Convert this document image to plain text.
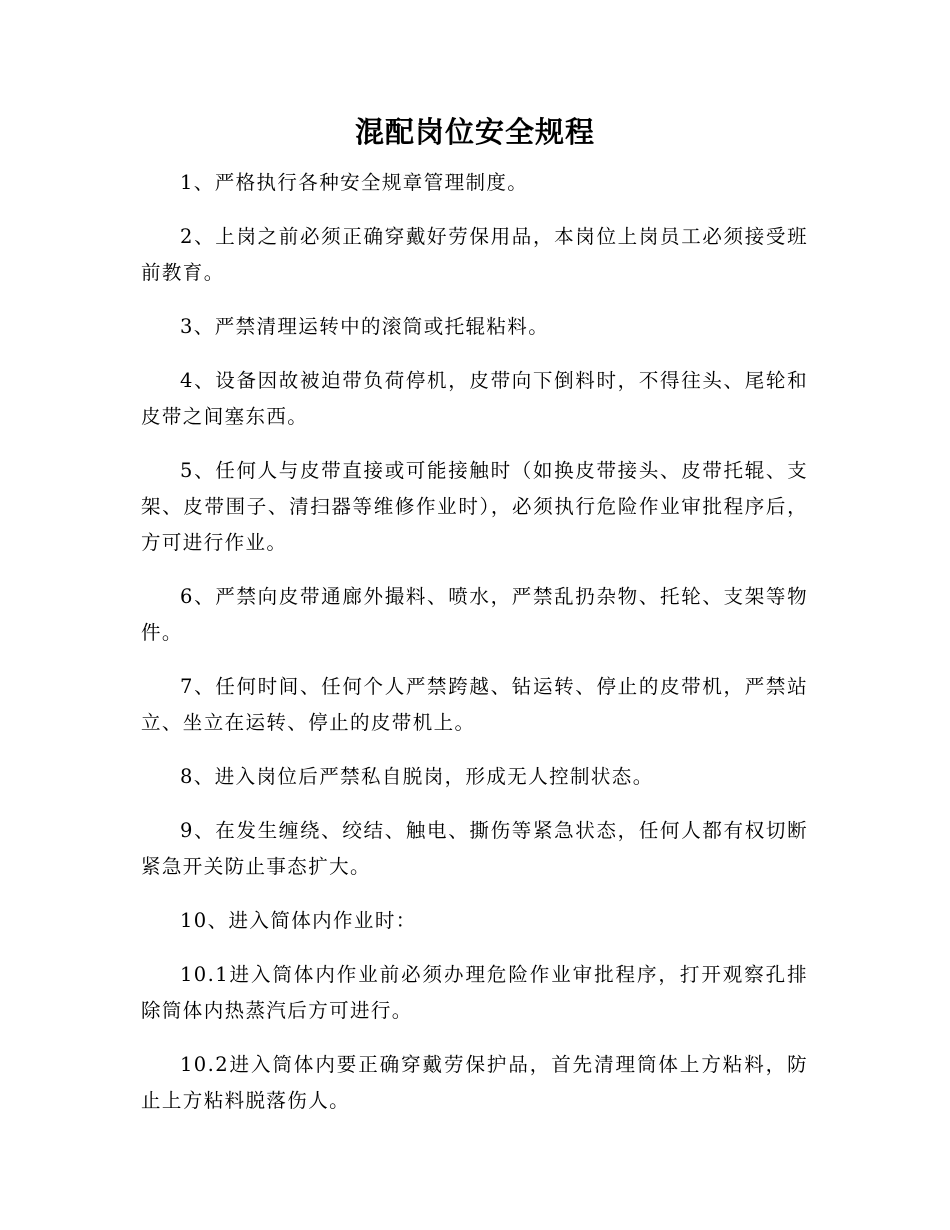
混配岗位安全规程

1、严格执行各种安全规章管理制度。

2、上岗之前必须正确穿戴好劳保用品，本岗位上岗员工必须接受班前教育。

3、严禁清理运转中的滚筒或托辊粘料。

4、设备因故被迫带负荷停机，皮带向下倒料时，不得往头、尾轮和皮带之间塞东西。

5、任何人与皮带直接或可能接触时（如换皮带接头、皮带托辊、支架、皮带围子、清扫器等维修作业时），必须执行危险作业审批程序后，方可进行作业。

6、严禁向皮带通廊外撮料、喷水，严禁乱扔杂物、托轮、支架等物件。

7、任何时间、任何个人严禁跨越、钻运转、停止的皮带机，严禁站立、坐立在运转、停止的皮带机上。

8、进入岗位后严禁私自脱岗，形成无人控制状态。

9、在发生缠绕、绞结、触电、撕伤等紧急状态，任何人都有权切断紧急开关防止事态扩大。

10、进入简体内作业时：

10.1进入筒体内作业前必须办理危险作业审批程序，打开观察孔排除筒体内热蒸汽后方可进行。

10.2进入筒体内要正确穿戴劳保护品，首先清理筒体上方粘料，防止上方粘料脱落伤人。
